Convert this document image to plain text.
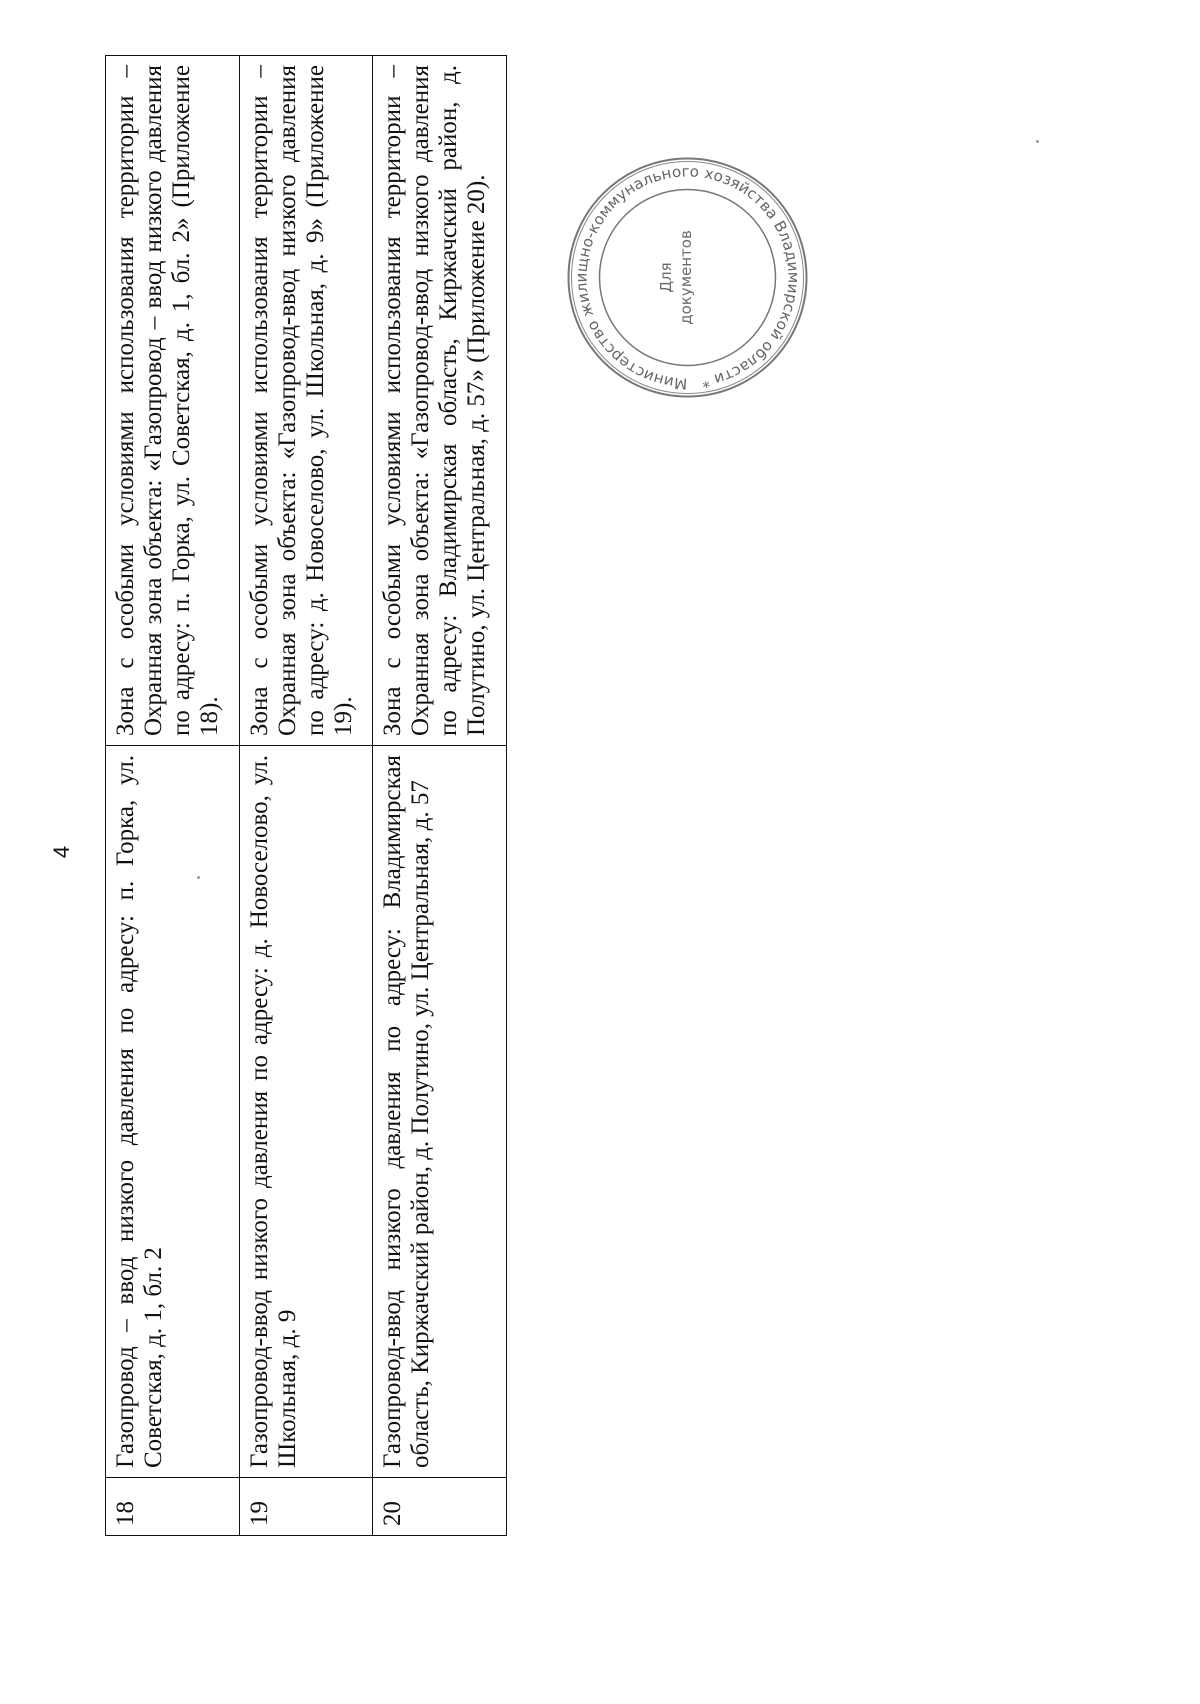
4
18	Газопровод – ввод низкого давления по адресу: п. Горка, ул. Советская, д. 1, бл. 2	Зона с особыми условиями использования территории – Охранная зона объекта: «Газопровод – ввод низкого давления по адресу: п. Горка, ул. Советская, д. 1, бл. 2» (Приложение 18).
19	Газопровод-ввод низкого давления по адресу: д. Новоселово, ул. Школьная, д. 9	Зона с особыми условиями использования территории – Охранная зона объекта: «Газопровод-ввод низкого давления по адресу: д. Новоселово, ул. Школьная, д. 9» (Приложение 19).
20	Газопровод-ввод низкого давления по адресу: Владимирская область, Киржачский район, д. Полутино, ул. Центральная, д. 57	Зона с особыми условиями использования территории – Охранная зона объекта: «Газопровод-ввод низкого давления по адресу: Владимирская область, Киржачский район, д. Полутино, ул. Центральная, д. 57» (Приложение 20).	Министерство жилищно-коммунального хозяйства Владимирской области *
Для документов
